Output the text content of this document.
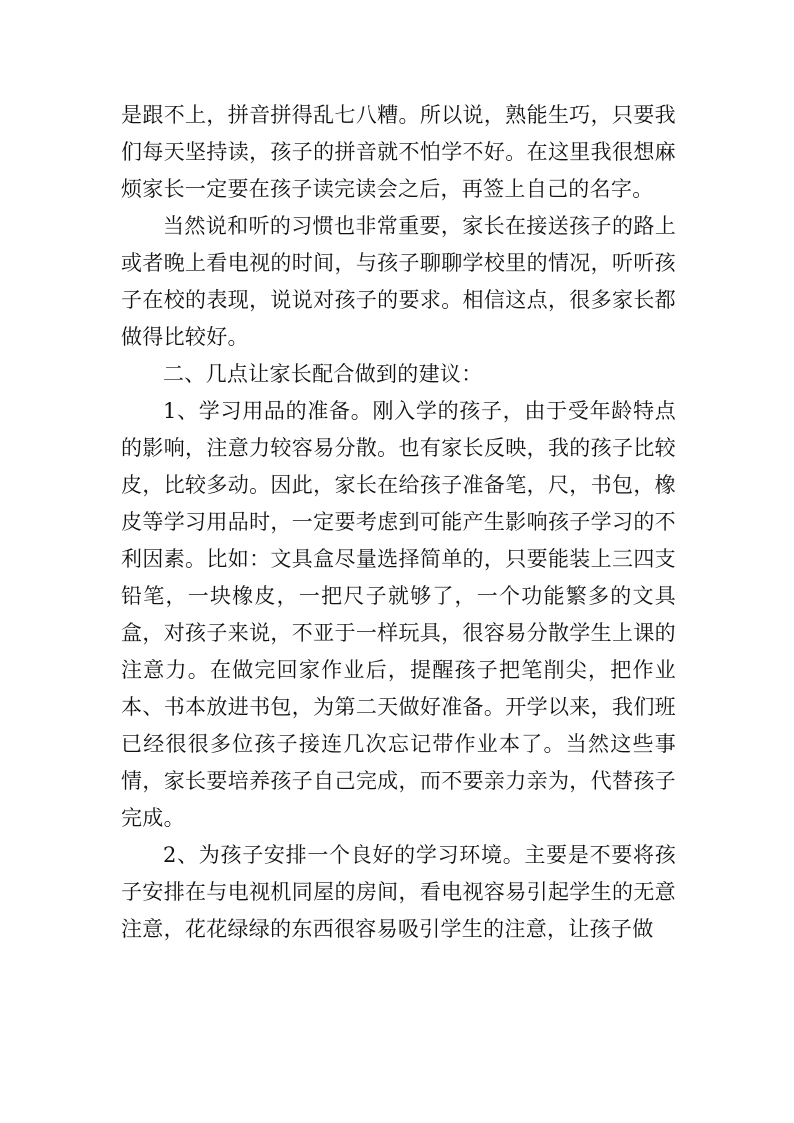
是跟不上，拼音拼得乱七八糟。所以说，熟能生巧，只要我们每天坚持读，孩子的拼音就不怕学不好。在这里我很想麻烦家长一定要在孩子读完读会之后，再签上自己的名字。

当然说和听的习惯也非常重要，家长在接送孩子的路上或者晚上看电视的时间，与孩子聊聊学校里的情况，听听孩子在校的表现，说说对孩子的要求。相信这点，很多家长都做得比较好。

二、几点让家长配合做到的建议：

1、学习用品的准备。刚入学的孩子，由于受年龄特点的影响，注意力较容易分散。也有家长反映，我的孩子比较皮，比较多动。因此，家长在给孩子准备笔，尺，书包，橡皮等学习用品时，一定要考虑到可能产生影响孩子学习的不利因素。比如：文具盒尽量选择简单的，只要能装上三四支铅笔，一块橡皮，一把尺子就够了，一个功能繁多的文具盒，对孩子来说，不亚于一样玩具，很容易分散学生上课的注意力。在做完回家作业后，提醒孩子把笔削尖，把作业本、书本放进书包，为第二天做好准备。开学以来，我们班已经很很多位孩子接连几次忘记带作业本了。当然这些事情，家长要培养孩子自己完成，而不要亲力亲为，代替孩子完成。

2、为孩子安排一个良好的学习环境。主要是不要将孩子安排在与电视机同屋的房间，看电视容易引起学生的无意注意，花花绿绿的东西很容易吸引学生的注意，让孩子做
